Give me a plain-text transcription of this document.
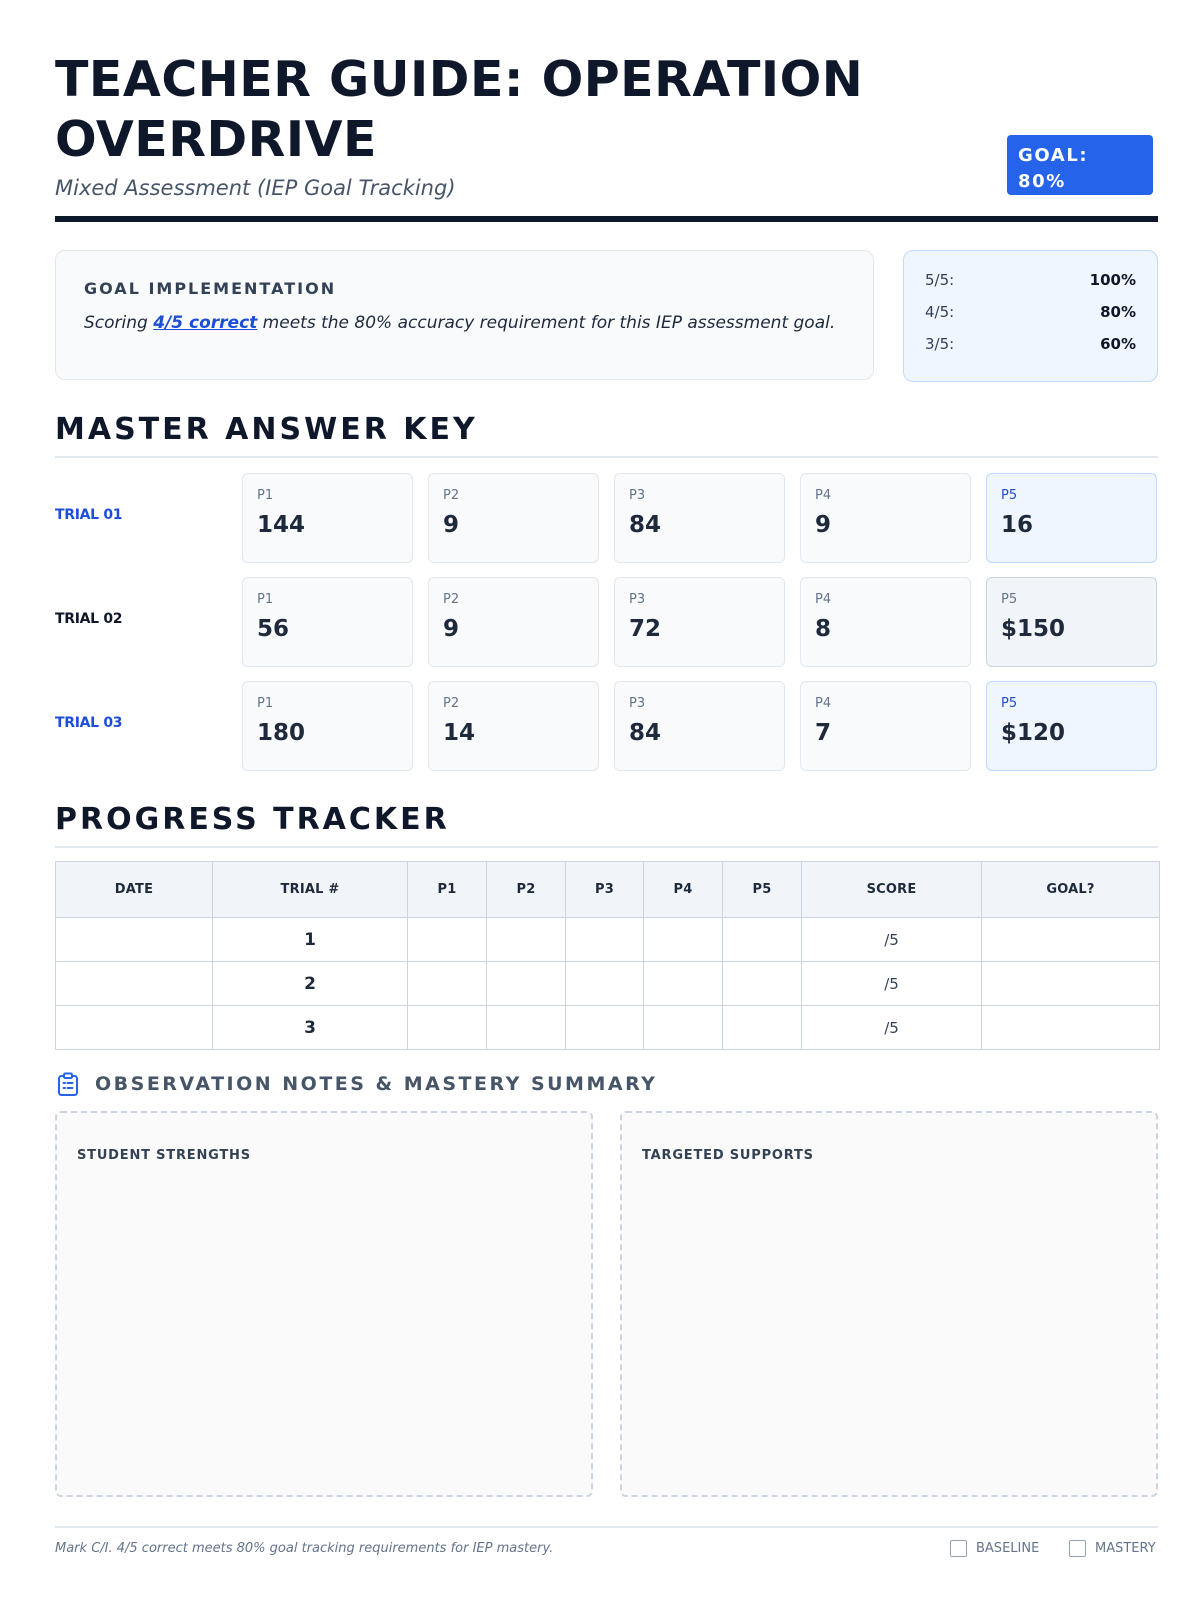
TEACHER GUIDE: OPERATION OVERDRIVE

Mixed Assessment (IEP Goal Tracking)

GOAL: 80%
GOAL IMPLEMENTATION

Scoring 4/5 correct meets the 80% accuracy requirement for this IEP assessment goal.

5/5:	100%
4/5:	80%
3/5:	60%
MASTER ANSWER KEY
TRIAL 01
P1
144
P2
9
P3
84
P4
9
P5
16
TRIAL 02
P1
56
P2
9
P3
72
P4
8
P5
$150
TRIAL 03
P1
180
P2
14
P3
84
P4
7
P5
$120
PROGRESS TRACKER
DATE	TRIAL #	P1	P2	P3	P4	P5	SCORE	GOAL?
	1						/5	
	2						/5	
	3						/5	
OBSERVATION NOTES & MASTERY SUMMARY
STUDENT STRENGTHS	TARGETED SUPPORTS
Mark C/I. 4/5 correct meets 80% goal tracking requirements for IEP mastery.	BASELINE	MASTERY
